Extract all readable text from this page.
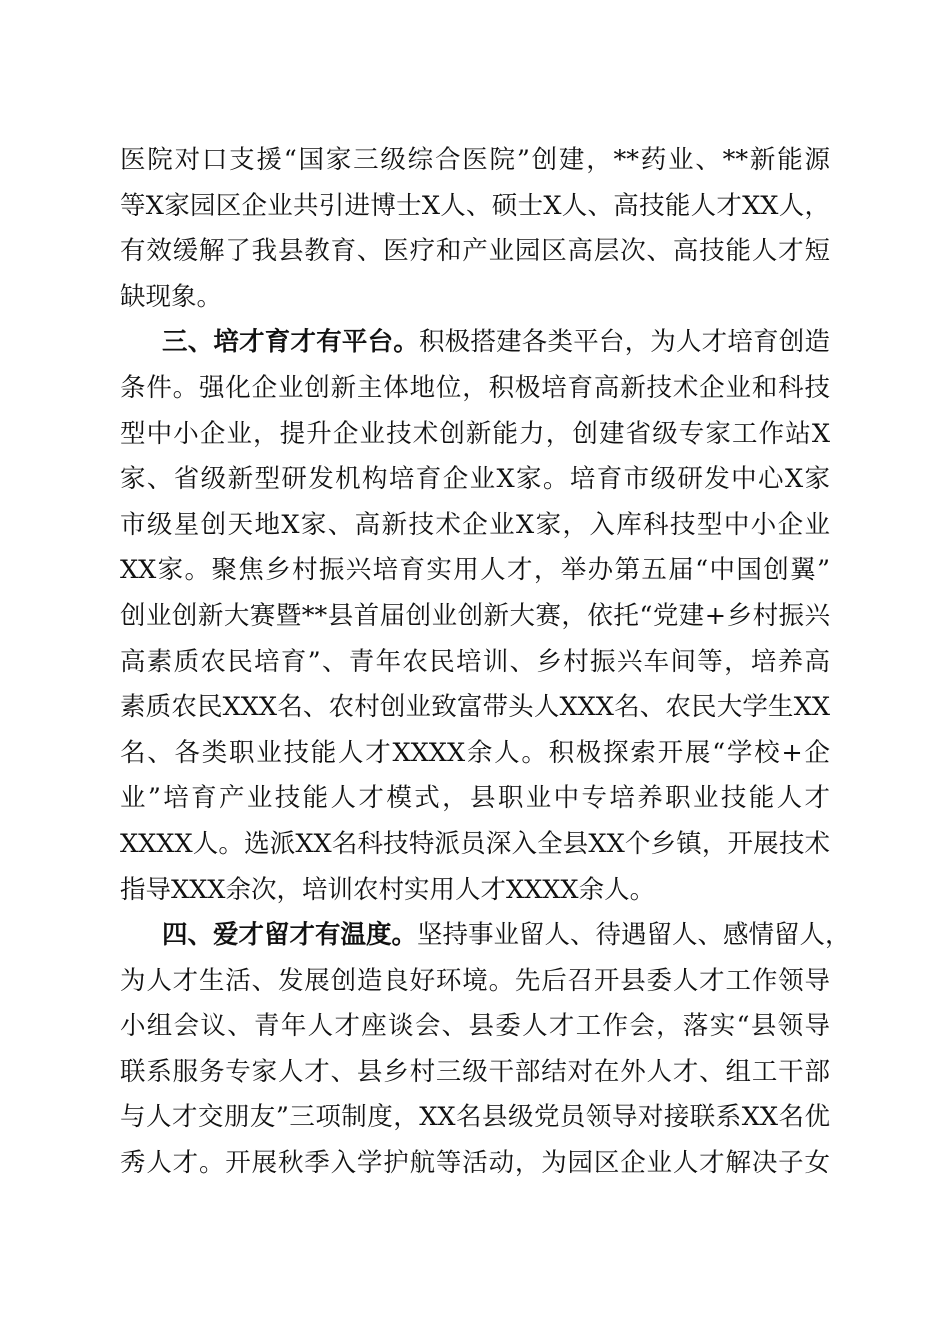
医院对口支援“国家三级综合医院”创建，**药业、**新能源
等X家园区企业共引进博士X人、硕士X人、高技能人才XX人，
有效缓解了我县教育、医疗和产业园区高层次、高技能人才短
缺现象。
三、培才育才有平台。积极搭建各类平台，为人才培育创造
条件。强化企业创新主体地位，积极培育高新技术企业和科技
型中小企业，提升企业技术创新能力，创建省级专家工作站X
家、省级新型研发机构培育企业X家。培育市级研发中心X家
市级星创天地X家、高新技术企业X家，入库科技型中小企业
XX家。聚焦乡村振兴培育实用人才，举办第五届“中国创翼”
创业创新大赛暨**县首届创业创新大赛，依托“党建+乡村振兴
高素质农民培育”、青年农民培训、乡村振兴车间等，培养高
素质农民XXX名、农村创业致富带头人XXX名、农民大学生XX
名、各类职业技能人才XXXX余人。积极探索开展“学校+企
业”培育产业技能人才模式，县职业中专培养职业技能人才
XXXX人。选派XX名科技特派员深入全县XX个乡镇，开展技术
指导XXX余次，培训农村实用人才XXXX余人。
四、爱才留才有温度。坚持事业留人、待遇留人、感情留人，
为人才生活、发展创造良好环境。先后召开县委人才工作领导
小组会议、青年人才座谈会、县委人才工作会，落实“县领导
联系服务专家人才、县乡村三级干部结对在外人才、组工干部
与人才交朋友”三项制度，XX名县级党员领导对接联系XX名优
秀人才。开展秋季入学护航等活动，为园区企业人才解决子女
